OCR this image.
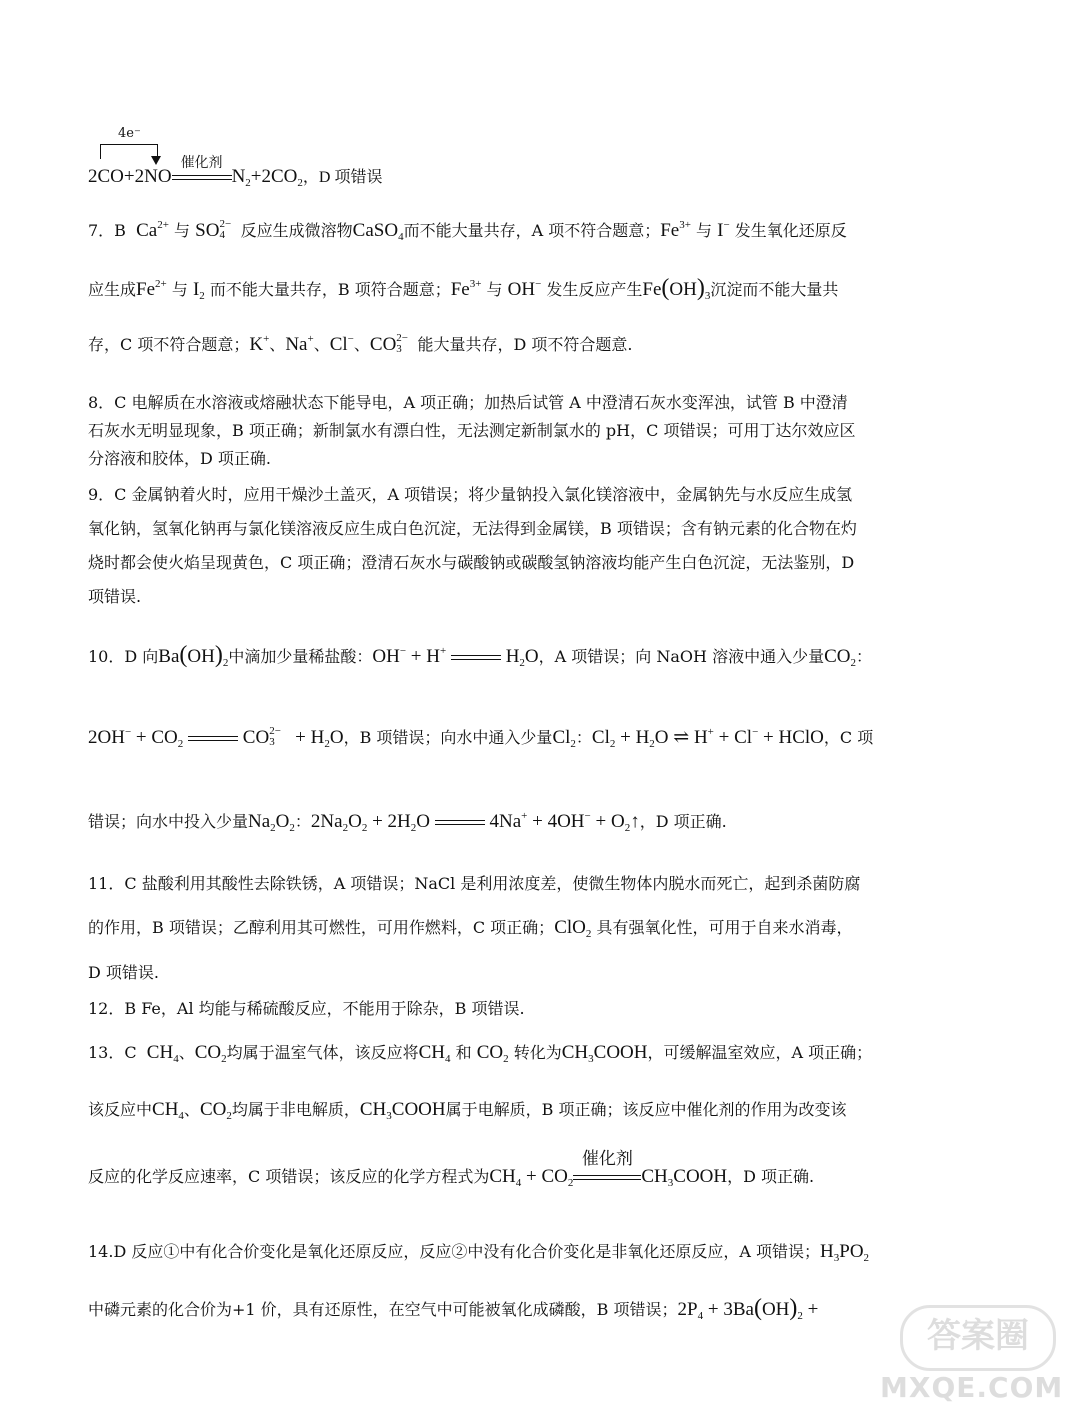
4e⁻
2CO+2NO
催化剂
$N_2+2CO_2$，D 项错误
7．B $Ca^{2+}$ 与 $SO^{2-}$
4 反应生成微溶物CaSO$_4$而不能大量共存，A 项不符合题意；$Fe^{3+}$ 与 I− 发生氧化还原反
应生成$Fe^{2+}$ 与 $I_2$ 而不能大量共存，B 项符合题意；$Fe^{3+}$ 与 OH− 发生反应产生$Fe(OH)_3$沉淀而不能大量共
存，C 项不符合题意；K+、Na+、Cl−、$CO^{2-}$
3 能大量共存，D 项不符合题意.
8．C 电解质在水溶液或熔融状态下能导电，A 项正确；加热后试管 A 中澄清石灰水变浑浊，试管 B 中澄清
石灰水无明显现象，B 项正确；新制氯水有漂白性，无法测定新制氯水的 pH，C 项错误；可用丁达尔效应区
分溶液和胶体，D 项正确.
9．C 金属钠着火时，应用干燥沙土盖灭，A 项错误；将少量钠投入氯化镁溶液中，金属钠先与水反应生成氢
氧化钠，氢氧化钠再与氯化镁溶液反应生成白色沉淀，无法得到金属镁，B 项错误；含有钠元素的化合物在灼
烧时都会使火焰呈现黄色，C 项正确；澄清石灰水与碳酸钠或碳酸氢钠溶液均能产生白色沉淀，无法鉴别，D
项错误.
10．D 向$Ba(OH)_2$中滴加少量稀盐酸：OH− + H+	$H_2O$，A 项错误；向 NaOH 溶液中通入少量$CO_2$：
$2OH^- + CO_2$	$CO^{2-}$
$3 + H_2O$，B 项错误；向水中通入少量$Cl_2$：$Cl_2 + H_2O$ ⇌ H+ + Cl− + HClO，C 项
错误；向水中投入少量$Na_2O_2$：$2Na_2O_2 + 2H_2O$	$4Na^+ + 4OH^- + O_2↑$，D 项正确.
11．C 盐酸利用其酸性去除铁锈，A 项错误；NaCl 是利用浓度差，使微生物体内脱水而死亡，起到杀菌防腐
的作用，B 项错误；乙醇利用其可燃性，可用作燃料，C 项正确；ClO$_2$ 具有强氧化性，可用于自来水消毒，
D 项错误.
12．B Fe，Al 均能与稀硫酸反应，不能用于除杂，B 项错误.
13．C $CH_4$、$CO_2$均属于温室气体，该反应将$CH_4$ 和 $CO_2$ 转化为$CH_3COOH$，可缓解温室效应，A 项正确；
该反应中$CH_4$、$CO_2$均属于非电解质，$CH_3COOH$属于电解质，B 项正确；该反应中催化剂的作用为改变该
反应的化学反应速率，C 项错误；该反应的化学方程式为$CH_4 + CO_2$
催化剂
$CH_3COOH$，D 项正确.
14.D 反应①中有化合价变化是氧化还原反应，反应②中没有化合价变化是非氧化还原反应，A 项错误；$H_3PO_2$
中磷元素的化合价为+1 价，具有还原性，在空气中可能被氧化成磷酸，B 项错误；$2P_4 + 3Ba(OH)_2$ +
答案圈
MXQE.COM
